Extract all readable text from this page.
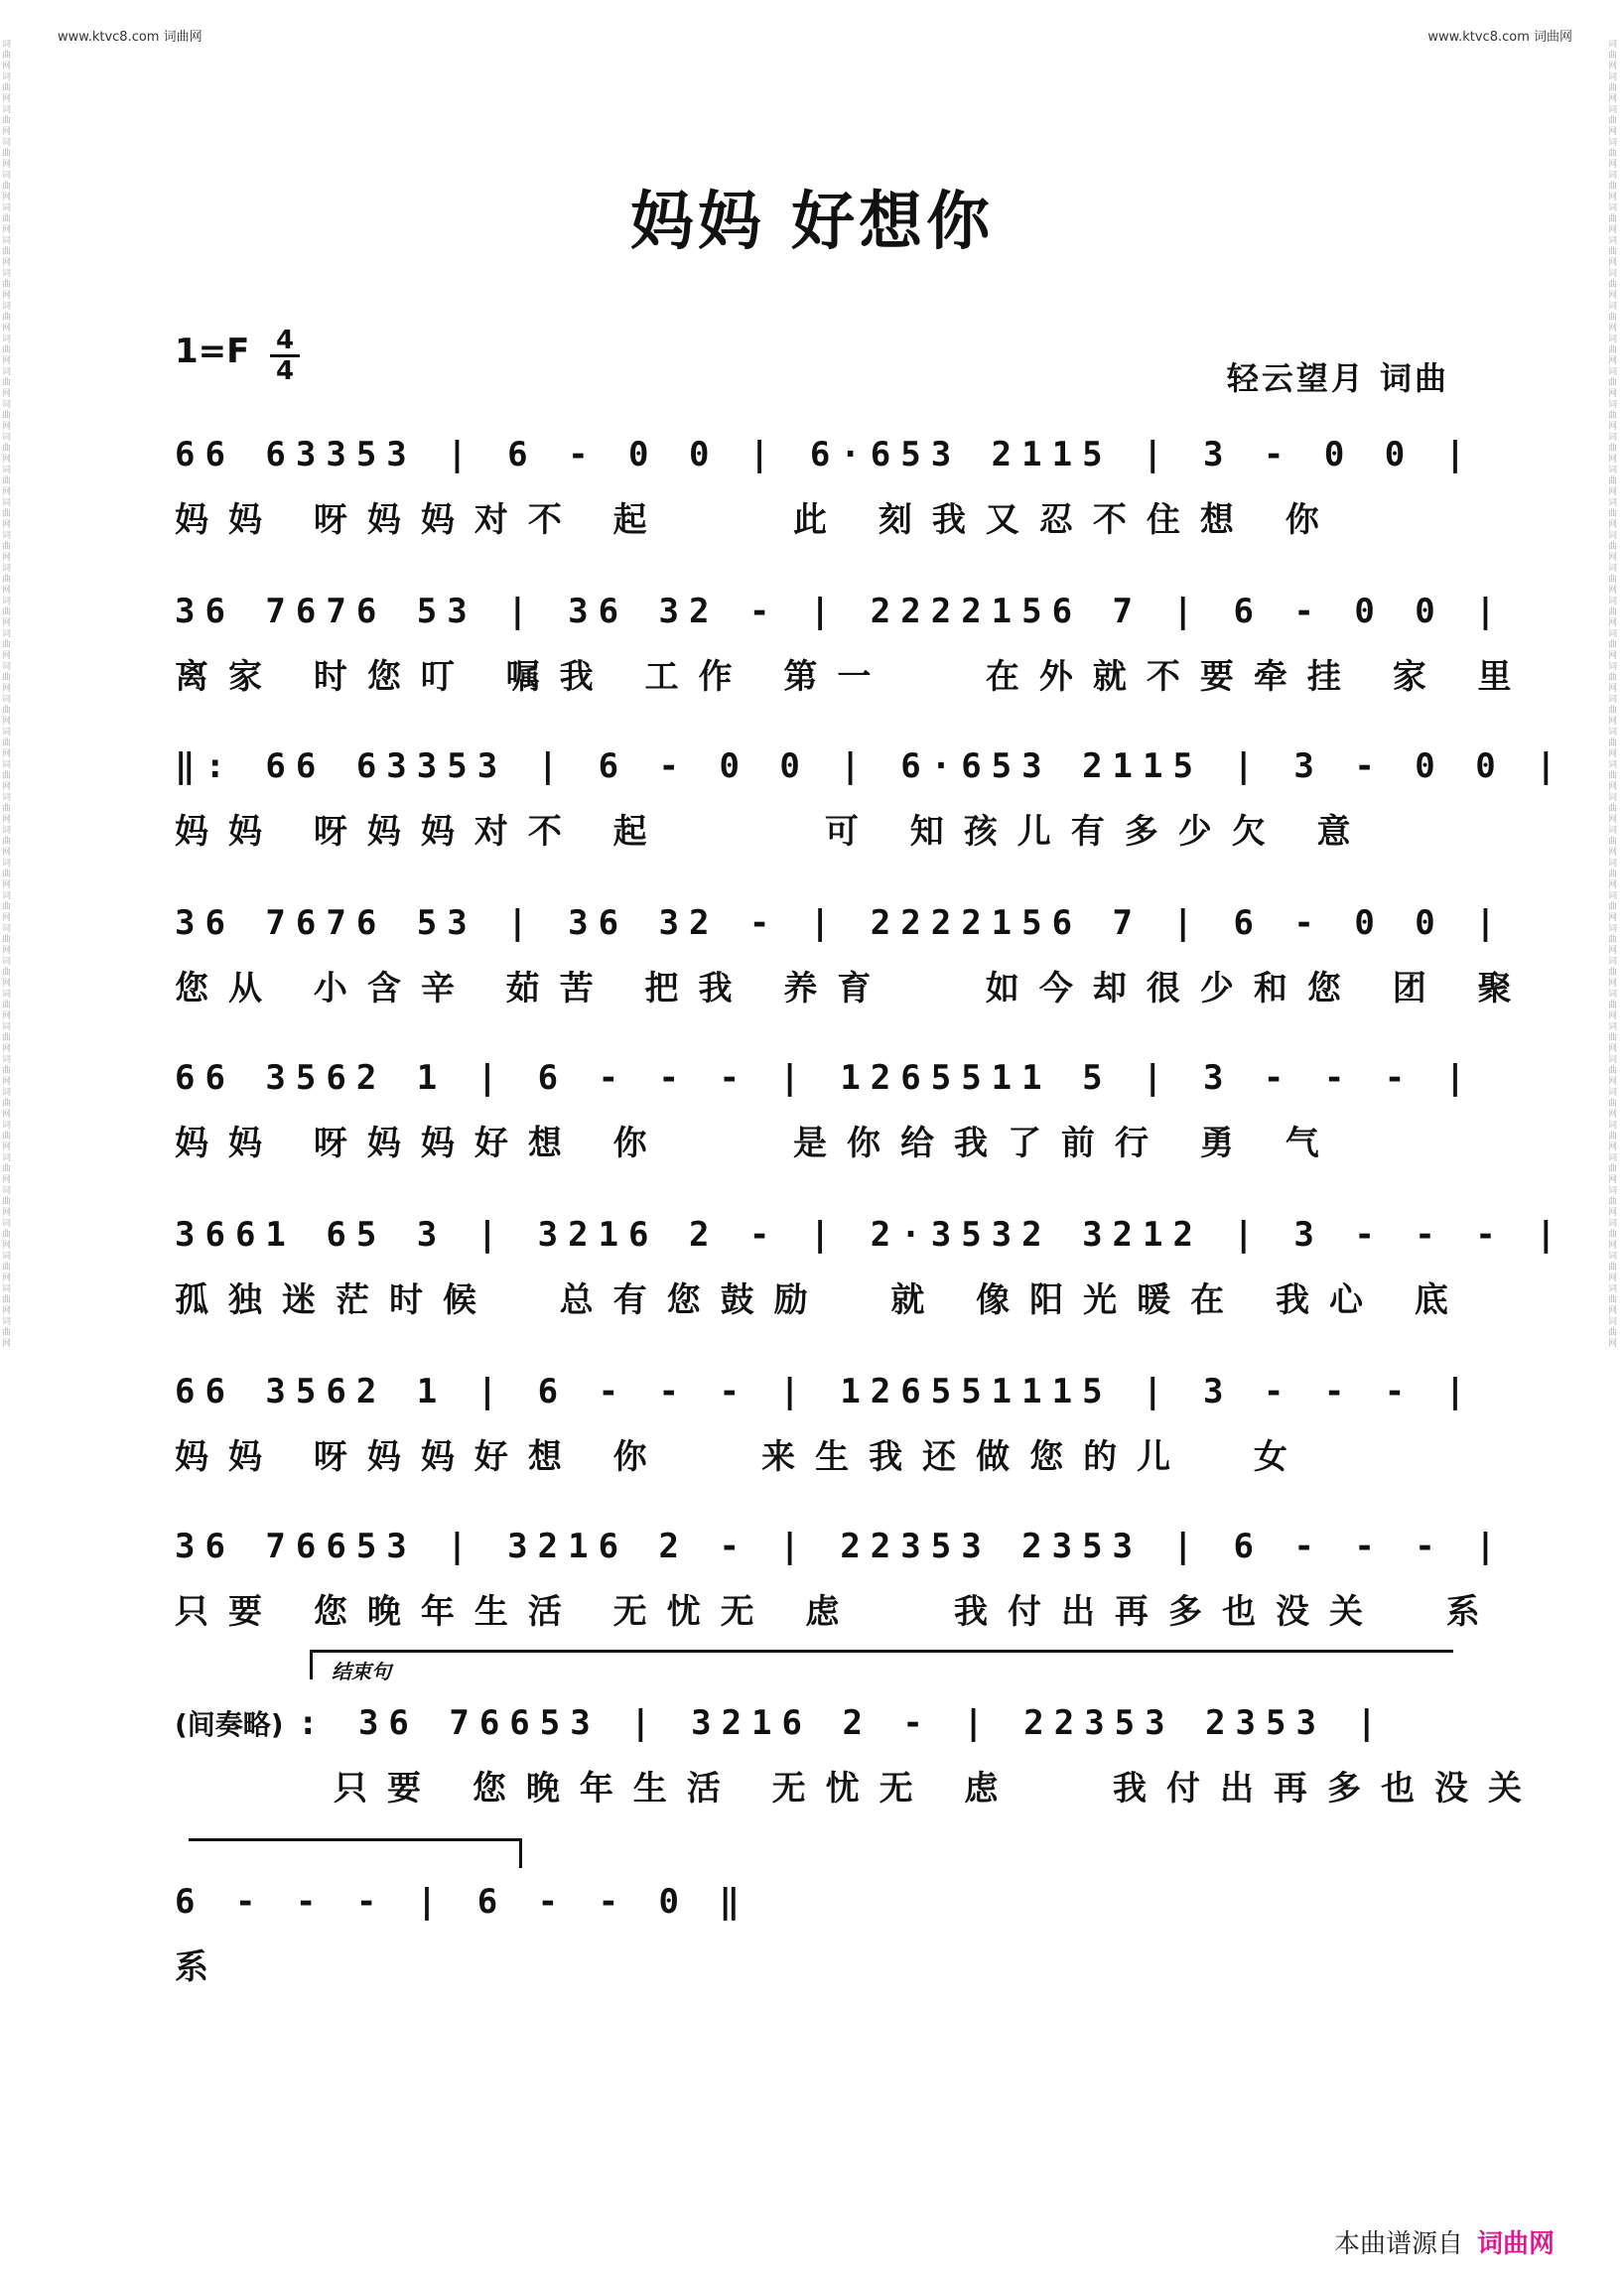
www.ktvc8.com 词曲网	www.ktvc8.com 词曲网
词曲网词曲网词曲网词曲网词曲网词曲网词曲网词曲网词曲网词曲网词曲网词曲网词曲网词曲网词曲网词曲网词曲网词曲网词曲网词曲网词曲网词曲网词曲网词曲网词曲网词曲网词曲网词曲网词曲网词曲网词曲网词曲网词曲网词曲网词曲网词曲网词曲网词曲网词曲网词曲网
词曲网词曲网词曲网词曲网词曲网词曲网词曲网词曲网词曲网词曲网词曲网词曲网词曲网词曲网词曲网词曲网词曲网词曲网词曲网词曲网词曲网词曲网词曲网词曲网词曲网词曲网词曲网词曲网词曲网词曲网词曲网词曲网词曲网词曲网词曲网词曲网词曲网词曲网词曲网词曲网
妈妈 好想你
1=F 4
4	轻云望月 词曲
66 63353 | 6 - 0 0 | 6·653 2115 | 3 - 0 0 |
妈妈 呀妈妈对不 起    此 刻我又忍不住想 你
36 7676 53 | 36 32 - | 2222156 7 | 6 - 0 0 |
离家 时您叮 嘱我 工作 第一   在外就不要牵挂 家 里
‖: 66 63353 | 6 - 0 0 | 6·653 2115 | 3 - 0 0 |
妈妈 呀妈妈对不 起     可 知孩儿有多少欠 意
36 7676 53 | 36 32 - | 2222156 7 | 6 - 0 0 |
您从 小含辛 茹苦 把我 养育   如今却很少和您 团 聚
66 3562 1 | 6 - - - | 1265511 5 | 3 - - - |
妈妈 呀妈妈好想 你    是你给我了前行 勇 气
3661 65 3 | 3216 2 - | 2·3532 3212 | 3 - - - |
孤独迷茫时候  总有您鼓励  就 像阳光暖在 我心 底
66 3562 1 | 6 - - - | 126551115 | 3 - - - |
妈妈 呀妈妈好想 你   来生我还做您的儿  女
36 76653 | 3216 2 - | 22353 2353 | 6 - - - |
只要 您晚年生活 无忧无 虑   我付出再多也没关  系
结束句
(间奏略) : 36 76653 | 3216 2 - | 22353 2353 |
只要 您晚年生活 无忧无 虑   我付出再多也没关
6 - - - | 6 - - 0 ‖
系
本曲谱源自 词曲网
